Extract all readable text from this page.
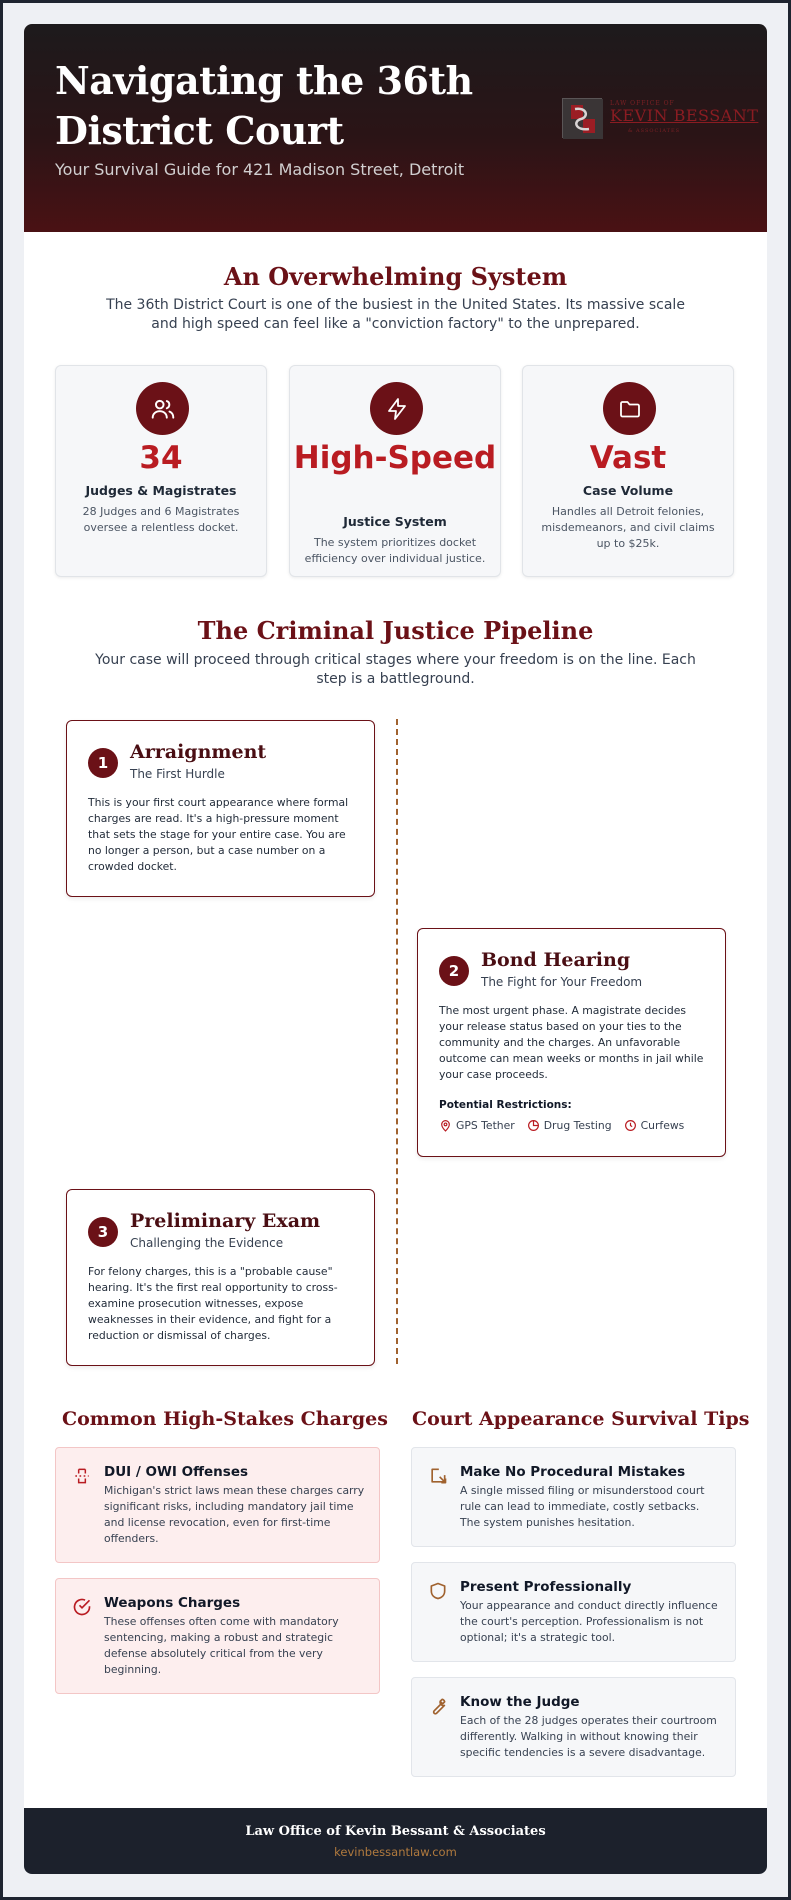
Navigating the 36th
District Court
Your Survival Guide for 421 Madison Street, Detroit
LAW OFFICE OF
KEVIN BESSANT
& ASSOCIATES
An Overwhelming System
The 36th District Court is one of the busiest in the United States. Its massive scale and high speed can feel like a "conviction factory" to the unprepared.
34
Judges & Magistrates
28 Judges and 6 Magistrates oversee a relentless docket.
High-Speed
Justice System
The system prioritizes docket efficiency over individual justice.
Vast
Case Volume
Handles all Detroit felonies, misdemeanors, and civil claims up to $25k.
The Criminal Justice Pipeline
Your case will proceed through critical stages where your freedom is on the line. Each step is a battleground.
1	Arraignment
The First Hurdle
This is your first court appearance where formal charges are read. It's a high-pressure moment that sets the stage for your entire case. You are no longer a person, but a case number on a crowded docket.
2	Bond Hearing
The Fight for Your Freedom
The most urgent phase. A magistrate decides your release status based on your ties to the community and the charges. An unfavorable outcome can mean weeks or months in jail while your case proceeds.
Potential Restrictions:
GPS Tether	Drug Testing	Curfews
3	Preliminary Exam
Challenging the Evidence
For felony charges, this is a "probable cause" hearing. It's the first real opportunity to cross-examine prosecution witnesses, expose weaknesses in their evidence, and fight for a reduction or dismissal of charges.
Common High-Stakes Charges
DUI / OWI Offenses
Michigan's strict laws mean these charges carry significant risks, including mandatory jail time and license revocation, even for first-time offenders.
Weapons Charges
These offenses often come with mandatory sentencing, making a robust and strategic defense absolutely critical from the very beginning.
Court Appearance Survival Tips
Make No Procedural Mistakes
A single missed filing or misunderstood court rule can lead to immediate, costly setbacks. The system punishes hesitation.
Present Professionally
Your appearance and conduct directly influence the court's perception. Professionalism is not optional; it's a strategic tool.
Know the Judge
Each of the 28 judges operates their courtroom differently. Walking in without knowing their specific tendencies is a severe disadvantage.
Law Office of Kevin Bessant & Associates
kevinbessantlaw.com
